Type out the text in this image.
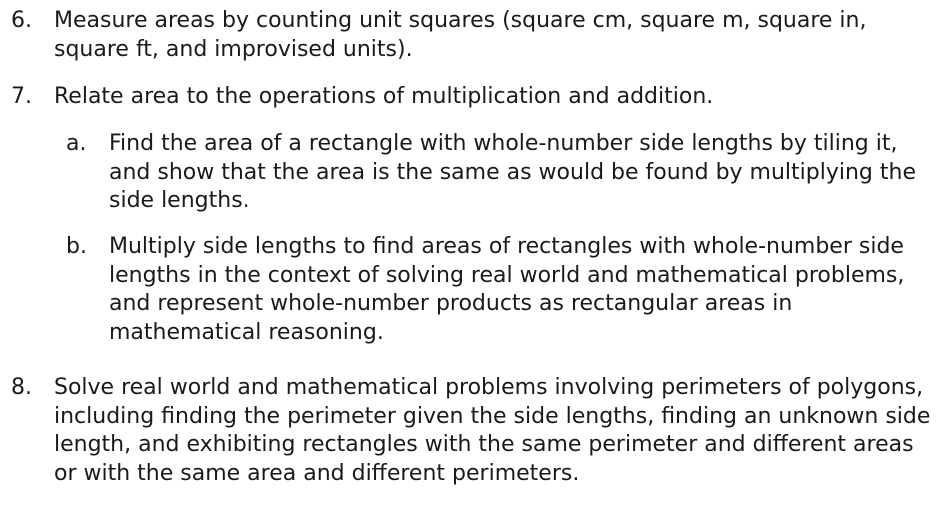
6. Measure areas by counting unit squares (square cm, square m, square in, square ft, and improvised units).
7. Relate area to the operations of multiplication and addition.
a. Find the area of a rectangle with whole-number side lengths by tiling it, and show that the area is the same as would be found by multiplying the side lengths.
b. Multiply side lengths to find areas of rectangles with whole-number side lengths in the context of solving real world and mathematical problems, and represent whole-number products as rectangular areas in mathematical reasoning.
8. Solve real world and mathematical problems involving perimeters of polygons, including finding the perimeter given the side lengths, finding an unknown side length, and exhibiting rectangles with the same perimeter and different areas or with the same area and different perimeters.
